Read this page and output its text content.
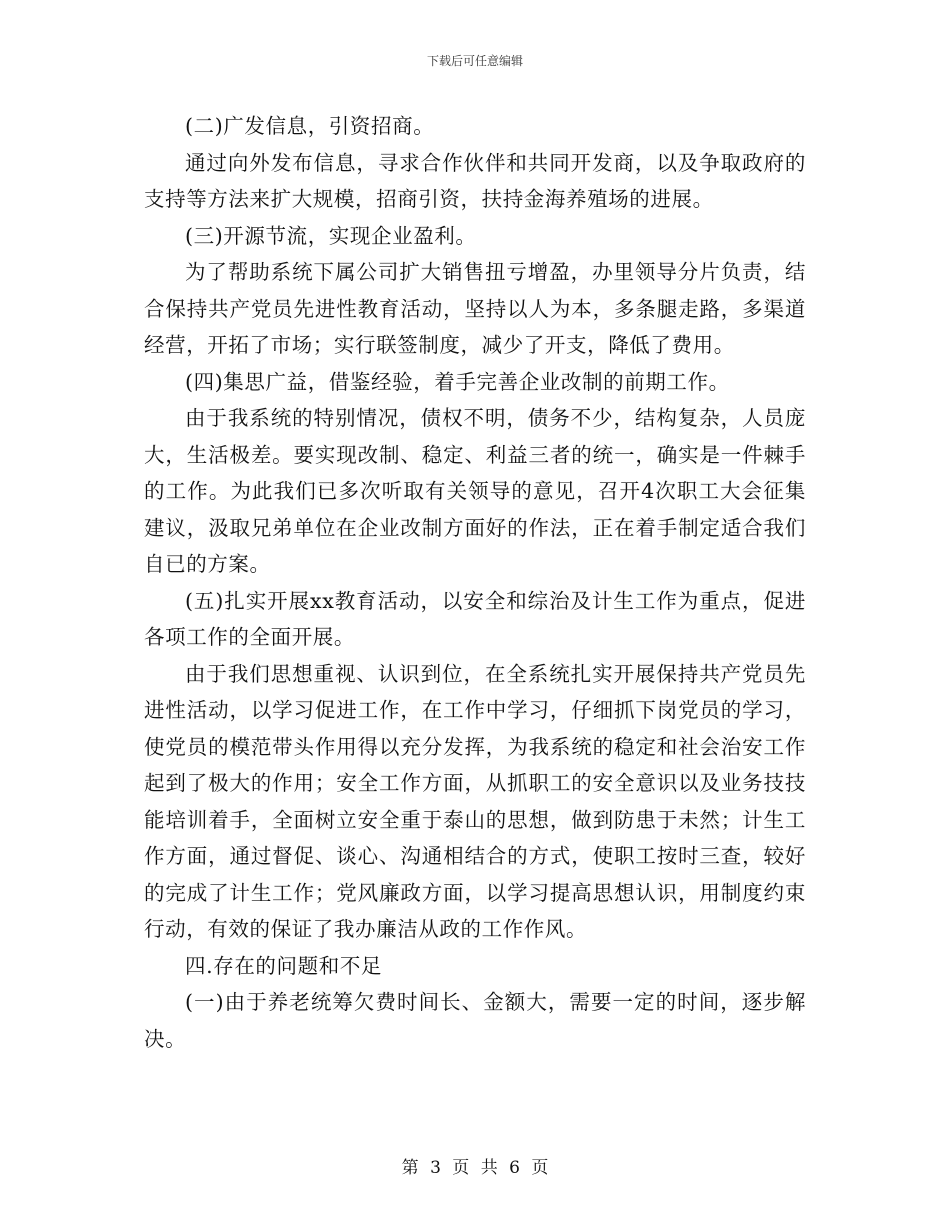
下载后可任意编辑

(二)广发信息，引资招商。

通过向外发布信息，寻求合作伙伴和共同开发商，以及争取政府的支持等方法来扩大规模，招商引资，扶持金海养殖场的进展。

(三)开源节流，实现企业盈利。

为了帮助系统下属公司扩大销售扭亏增盈，办里领导分片负责，结合保持共产党员先进性教育活动，坚持以人为本，多条腿走路，多渠道经营，开拓了市场；实行联签制度，减少了开支，降低了费用。

(四)集思广益，借鉴经验，着手完善企业改制的前期工作。

由于我系统的特别情况，债权不明，债务不少，结构复杂，人员庞大，生活极差。要实现改制、稳定、利益三者的统一，确实是一件棘手的工作。为此我们已多次听取有关领导的意见，召开4次职工大会征集建议，汲取兄弟单位在企业改制方面好的作法，正在着手制定适合我们自已的方案。

(五)扎实开展xx教育活动，以安全和综治及计生工作为重点，促进各项工作的全面开展。

由于我们思想重视、认识到位，在全系统扎实开展保持共产党员先进性活动，以学习促进工作，在工作中学习，仔细抓下岗党员的学习，使党员的模范带头作用得以充分发挥，为我系统的稳定和社会治安工作起到了极大的作用；安全工作方面，从抓职工的安全意识以及业务技技能培训着手，全面树立安全重于泰山的思想，做到防患于未然；计生工作方面，通过督促、谈心、沟通相结合的方式，使职工按时三查，较好的完成了计生工作；党风廉政方面，以学习提高思想认识，用制度约束行动，有效的保证了我办廉洁从政的工作作风。

四.存在的问题和不足

(一)由于养老统筹欠费时间长、金额大，需要一定的时间，逐步解决。

第 3 页 共 6 页
